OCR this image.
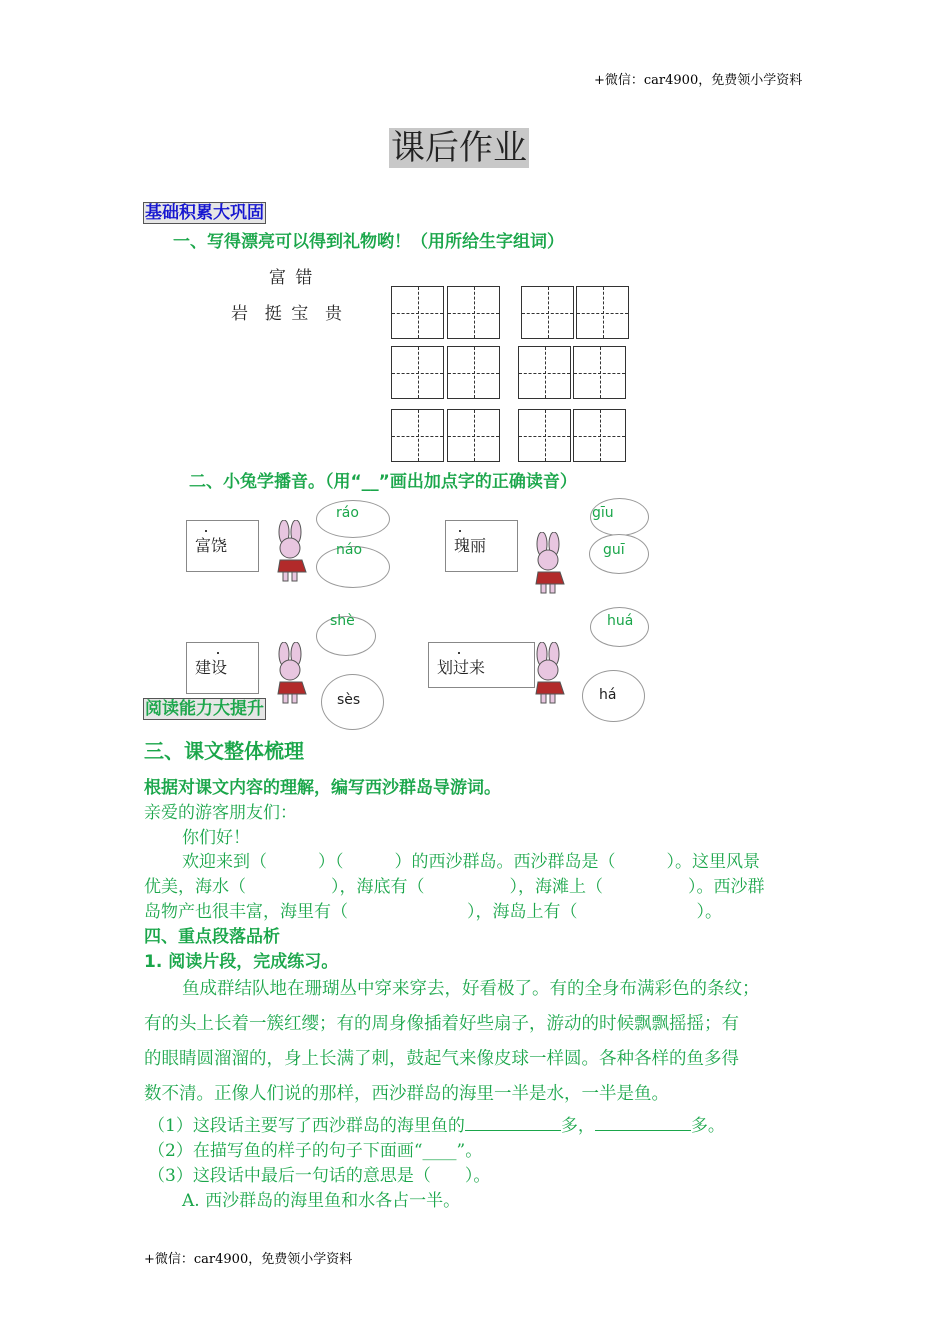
+微信：car4900，免费领小学资料
课后作业
基础积累大巩固
一、写得漂亮可以得到礼物哟！（用所给生字组词）
富 错
岩  挺 宝  贵
二、小兔学播音。（用“__”画出加点字的正确读音）
富饶
ráo
náo	瑰丽
gīu
guī
建设
shè
sès
划过来
huá
há
阅读能力大提升
三、课文整体梳理
根据对课文内容的理解，编写西沙群岛导游词。
亲爱的游客朋友们：
你们好！
欢迎来到（　　　）（　　　）的西沙群岛。西沙群岛是（　　　）。这里风景
优美，海水（　　　　　），海底有（　　　　　），海滩上（　　　　　）。西沙群
岛物产也很丰富，海里有（　　　　　　　），海岛上有（　　　　　　　）。
四、重点段落品析
1. 阅读片段，完成练习。
鱼成群结队地在珊瑚丛中穿来穿去，好看极了。有的全身布满彩色的条纹；
有的头上长着一簇红缨；有的周身像插着好些扇子，游动的时候飘飘摇摇；有
的眼睛圆溜溜的，身上长满了刺，鼓起气来像皮球一样圆。各种各样的鱼多得
数不清。正像人们说的那样，西沙群岛的海里一半是水，一半是鱼。
（1）这段话主要写了西沙群岛的海里鱼的	多，	多。
（2）在描写鱼的样子的句子下面画“____”。
（3）这段话中最后一句话的意思是（　　）。
A. 西沙群岛的海里鱼和水各占一半。
+微信：car4900，免费领小学资料
